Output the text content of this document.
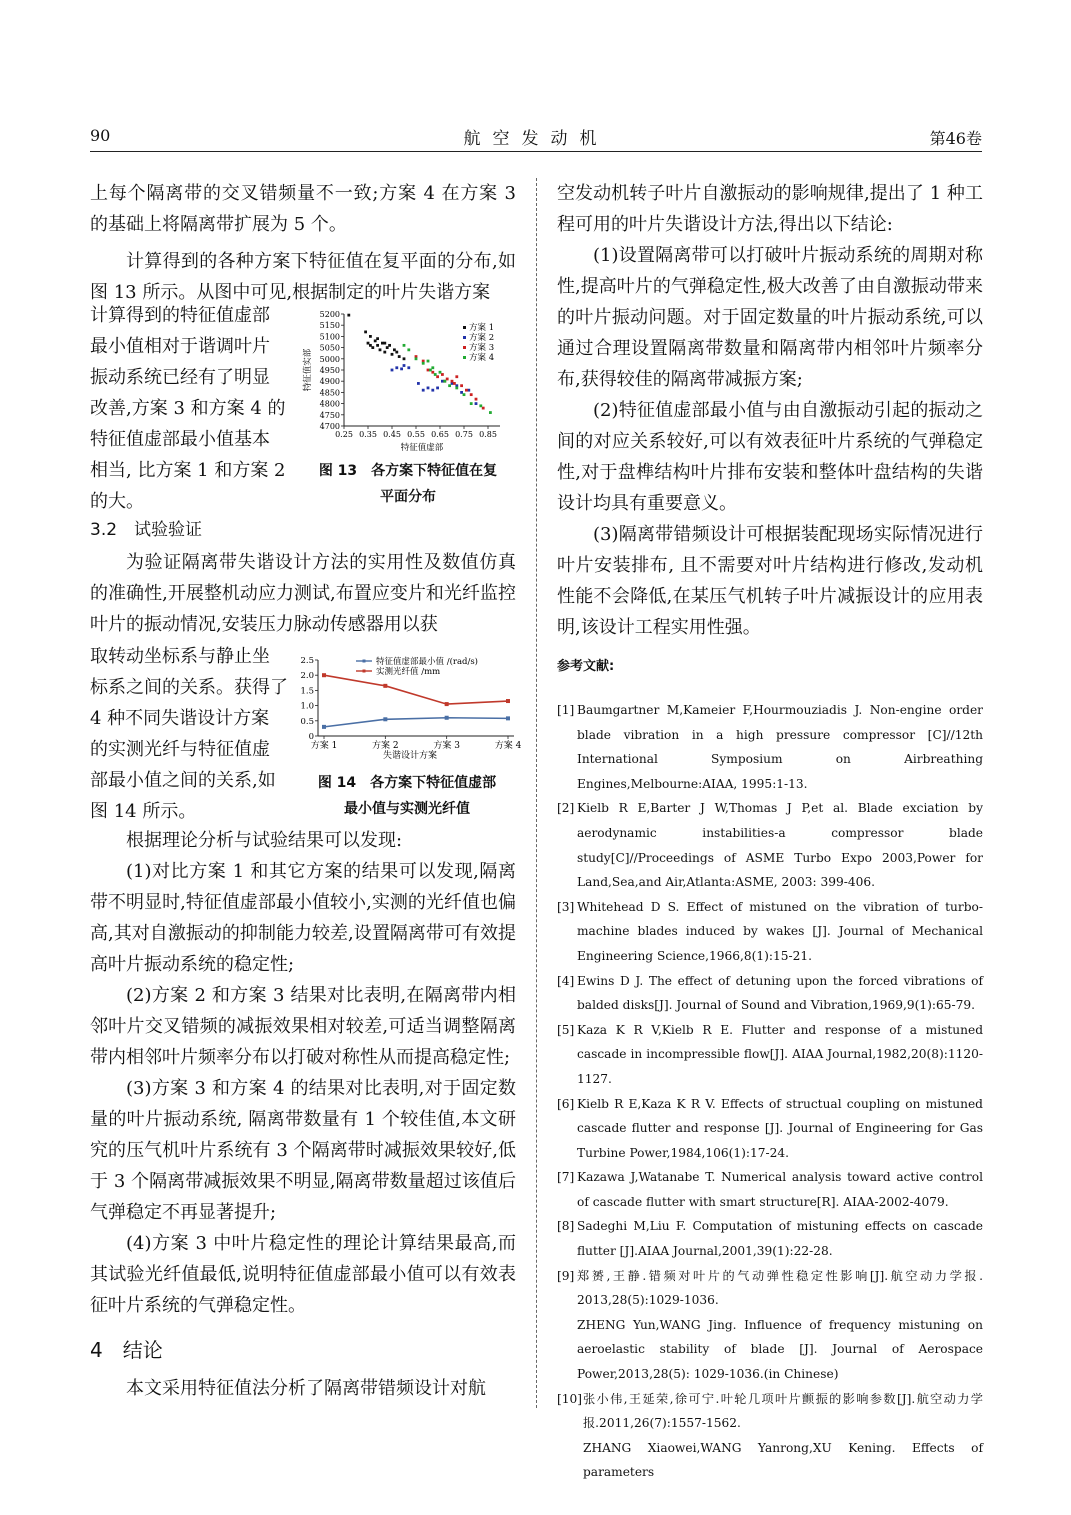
航空发动机
90	第46卷

上每个隔离带的交叉错频量不一致;方案 4 在方案 3 的基础上将隔离带扩展为 5 个。

计算得到的各种方案下特征值在复平面的分布,如图 13 所示。从图中可见,根据制定的叶片失谐方案

计算得到的特征值虚部
最小值相对于谐调叶片
振动系统已经有了明显
改善,方案 3 和方案 4 的
特征值虚部最小值基本
相当, 比方案 1 和方案 2
的大。
4700
4750
4800
4850
4900
4950
5000
5050
5100
5150
5200
0.25 0.35 0.45 0.55 0.65 0.75 0.85
特征值虚部
特征值实部
方案 1
方案 2
方案 3
方案 4
图 13　各方案下特征值在复
平面分布

3.2　试验验证

为验证隔离带失谐设计方法的实用性及数值仿真的准确性,开展整机动应力测试,布置应变片和光纤监控叶片的振动情况,安装压力脉动传感器用以获

取转动坐标系与静止坐
标系之间的关系。获得了
4 种不同失谐设计方案
的实测光纤与特征值虚
部最小值之间的关系,如
图 14 所示。
0
0.5
1.0
1.5
2.0
2.5
方案 1	方案 2	方案 3	方案 4
失谐设计方案
特征值虚部最小值 /(rad/s)
实测光纤值 /mm
图 14　各方案下特征值虚部
最小值与实测光纤值

根据理论分析与试验结果可以发现:

(1)对比方案 1 和其它方案的结果可以发现,隔离带不明显时,特征值虚部最小值较小,实测的光纤值也偏高,其对自激振动的抑制能力较差,设置隔离带可有效提高叶片振动系统的稳定性;

(2)方案 2 和方案 3 结果对比表明,在隔离带内相邻叶片交叉错频的减振效果相对较差,可适当调整隔离带内相邻叶片频率分布以打破对称性从而提高稳定性;

(3)方案 3 和方案 4 的结果对比表明,对于固定数量的叶片振动系统, 隔离带数量有 1 个较佳值,本文研究的压气机叶片系统有 3 个隔离带时减振效果较好,低于 3 个隔离带减振效果不明显,隔离带数量超过该值后气弹稳定不再显著提升;

(4)方案 3 中叶片稳定性的理论计算结果最高,而其试验光纤值最低,说明特征值虚部最小值可以有效表征叶片系统的气弹稳定性。

4　结论

本文采用特征值法分析了隔离带错频设计对航

空发动机转子叶片自激振动的影响规律,提出了 1 种工程可用的叶片失谐设计方法,得出以下结论:

(1)设置隔离带可以打破叶片振动系统的周期对称性,提高叶片的气弹稳定性,极大改善了由自激振动带来的叶片振动问题。对于固定数量的叶片振动系统,可以通过合理设置隔离带数量和隔离带内相邻叶片频率分布,获得较佳的隔离带减振方案;

(2)特征值虚部最小值与由自激振动引起的振动之间的对应关系较好,可以有效表征叶片系统的气弹稳定性,对于盘榫结构叶片排布安装和整体叶盘结构的失谐设计均具有重要意义。

(3)隔离带错频设计可根据装配现场实际情况进行叶片安装排布, 且不需要对叶片结构进行修改,发动机性能不会降低,在某压气机转子叶片减振设计的应用表明,该设计工程实用性强。

参考文献:
[1] Baumgartner M,Kameier F,Hourmouziadis J. Non-engine order blade vibration in a high pressure compressor [C]//12th International Symposium on Airbreathing Engines,Melbourne:AIAA, 1995:1-13.
[2] Kielb R E,Barter J W,Thomas J P,et al. Blade exciation by aerodynamic instabilities-a compressor blade study[C]//Proceedings of ASME Turbo Expo 2003,Power for Land,Sea,and Air,Atlanta:ASME, 2003: 399-406.
[3] Whitehead D S. Effect of mistuned on the vibration of turbo-machine blades induced by wakes [J]. Journal of Mechanical Engineering Science,1966,8(1):15-21.
[4] Ewins D J. The effect of detuning upon the forced vibrations of balded disks[J]. Journal of Sound and Vibration,1969,9(1):65-79.
[5] Kaza K R V,Kielb R E. Flutter and response of a mistuned cascade in incompressible flow[J]. AIAA Journal,1982,20(8):1120-1127.
[6] Kielb R E,Kaza K R V. Effects of structual coupling on mistuned cascade flutter and response [J]. Journal of Engineering for Gas Turbine Power,1984,106(1):17-24.
[7] Kazawa J,Watanabe T. Numerical analysis toward active control of cascade flutter with smart structure[R]. AIAA-2002-4079.
[8] Sadeghi M,Liu F. Computation of mistuning effects on cascade flutter [J].AIAA Journal,2001,39(1):22-28.
[9] 郑赟,王静.错频对叶片的气动弹性稳定性影响[J].航空动力学报. 2013,28(5):1029-1036.
ZHENG Yun,WANG Jing. Influence of frequency mistuning on aeroelastic stability of blade [J]. Journal of Aerospace Power,2013,28(5): 1029-1036.(in Chinese)
[10] 张小伟,王延荣,徐可宁.叶轮几项叶片颤振的影响参数[J].航空动力学报.2011,26(7):1557-1562.
ZHANG Xiaowei,WANG Yanrong,XU Kening. Effects of parameters
